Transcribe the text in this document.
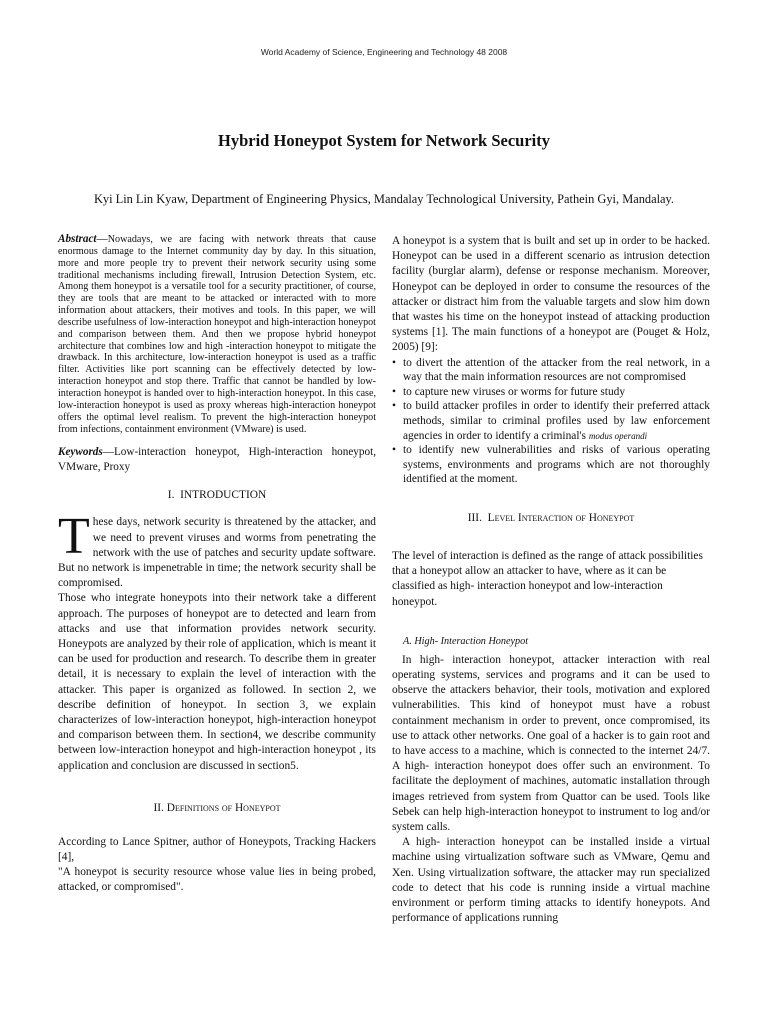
World Academy of Science, Engineering and Technology 48 2008
Hybrid Honeypot System for Network Security
Kyi Lin Lin Kyaw, Department of Engineering Physics, Mandalay Technological University, Pathein Gyi, Mandalay.

Abstract—Nowadays, we are facing with network threats that cause enormous damage to the Internet community day by day. In this situation, more and more people try to prevent their network security using some traditional mechanisms including firewall, Intrusion Detection System, etc. Among them honeypot is a versatile tool for a security practitioner, of course, they are tools that are meant to be attacked or interacted with to more information about attackers, their motives and tools. In this paper, we will describe usefulness of low-interaction honeypot and high-interaction honeypot and comparison between them. And then we propose hybrid honeypot architecture that combines low and high -interaction honeypot to mitigate the drawback. In this architecture, low-interaction honeypot is used as a traffic filter. Activities like port scanning can be effectively detected by low-interaction honeypot and stop there. Traffic that cannot be handled by low-interaction honeypot is handed over to high-interaction honeypot. In this case, low-interaction honeypot is used as proxy whereas high-interaction honeypot offers the optimal level realism. To prevent the high-interaction honeypot from infections, containment environment (VMware) is used.

Keywords—Low-interaction honeypot, High-interaction honeypot, VMware, Proxy

I. INTRODUCTION

These days, network security is threatened by the attacker, and we need to prevent viruses and worms from penetrating the network with the use of patches and security update software. But no network is impenetrable in time; the network security shall be compromised.

Those who integrate honeypots into their network take a different approach. The purposes of honeypot are to detected and learn from attacks and use that information provides network security. Honeypots are analyzed by their role of application, which is meant it can be used for production and research. To describe them in greater detail, it is necessary to explain the level of interaction with the attacker. This paper is organized as followed. In section 2, we describe definition of honeypot. In section 3, we explain characterizes of low-interaction honeypot, high-interaction honeypot and comparison between them. In section4, we describe community between low-interaction honeypot and high-interaction honeypot , its application and conclusion are discussed in section5.

II. Definitions of Honeypot

According to Lance Spitner, author of Honeypots, Tracking Hackers [4],

"A honeypot is security resource whose value lies in being probed, attacked, or compromised".

A honeypot is a system that is built and set up in order to be hacked. Honeypot can be used in a different scenario as intrusion detection facility (burglar alarm), defense or response mechanism. Moreover, Honeypot can be deployed in order to consume the resources of the attacker or distract him from the valuable targets and slow him down that wastes his time on the honeypot instead of attacking production systems [1]. The main functions of a honeypot are (Pouget & Holz, 2005) [9]:

• to divert the attention of the attacker from the real network, in a way that the main information resources are not compromised
• to capture new viruses or worms for future study
• to build attacker profiles in order to identify their preferred attack methods, similar to criminal profiles used by law enforcement agencies in order to identify a criminal's modus operandi
• to identify new vulnerabilities and risks of various operating systems, environments and programs which are not thoroughly identified at the moment.
III. Level Interaction of Honeypot

The level of interaction is defined as the range of attack possibilities that a honeypot allow an attacker to have, where as it can be classified as high- interaction honeypot and low-interaction honeypot.

A. High- Interaction Honeypot

In high- interaction honeypot, attacker interaction with real operating systems, services and programs and it can be used to observe the attackers behavior, their tools, motivation and explored vulnerabilities. This kind of honeypot must have a robust containment mechanism in order to prevent, once compromised, its use to attack other networks. One goal of a hacker is to gain root and to have access to a machine, which is connected to the internet 24/7. A high- interaction honeypot does offer such an environment. To facilitate the deployment of machines, automatic installation through images retrieved from system from Quattor can be used. Tools like Sebek can help high-interaction honeypot to instrument to log and/or system calls.

A high- interaction honeypot can be installed inside a virtual machine using virtualization software such as VMware, Qemu and Xen. Using virtualization software, the attacker may run specialized code to detect that his code is running inside a virtual machine environment or perform timing attacks to identify honeypots. And performance of applications running
